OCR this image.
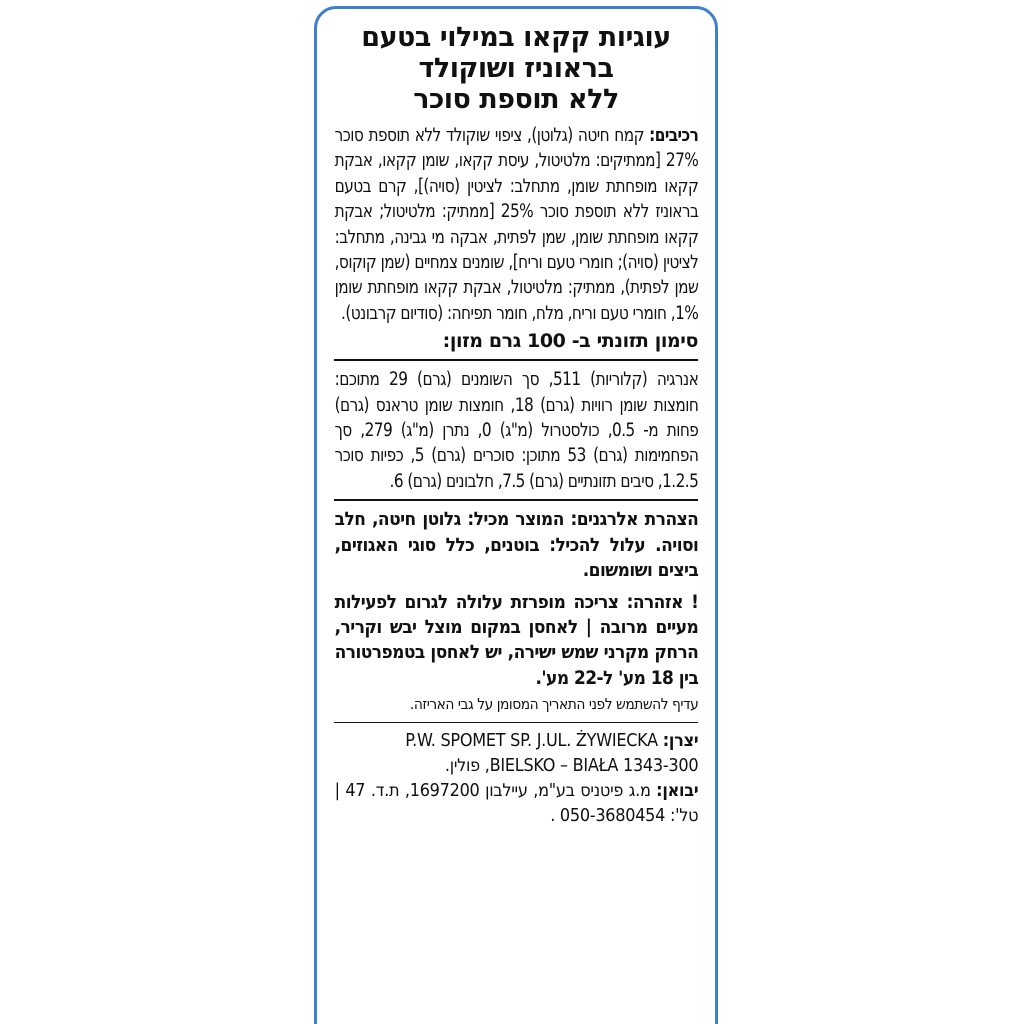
עוגיות קקאו במילוי בטעם
בראוניז ושוקולד
ללא תוספת סוכר

רכיבים: קמח חיטה (גלוטן), ציפוי שוקולד ללא תוספת סוכר 27% [ממתיקים: מלטיטול, עיסת קקאו, שומן קקאו, אבקת קקאו מופחתת שומן, מתחלב: לציטין (סויה)], קרם בטעם בראוניז ללא תוספת סוכר 25% [ממתיק: מלטיטול; אבקת קקאו מופחתת שומן, שמן לפתית, אבקה מי גבינה, מתחלב: לציטין (סויה); חומרי טעם וריח], שומנים צמחיים (שמן קוקוס, שמן לפתית), ממתיק: מלטיטול, אבקת קקאו מופחתת שומן 1%, חומרי טעם וריח, מלח, חומר תפיחה: (סודיום קרבונט).

סימון תזונתי ב- 100 גרם מזון:

אנרגיה (קלוריות) 511, סך השומנים (גרם) 29 מתוכם: חומצות שומן רוויות (גרם) 18, חומצות שומן טראנס (גרם) פחות מ- 0.5, כולסטרול (מ"ג) 0, נתרן (מ"ג) 279, סך הפחמימות (גרם) 53 מתוכן: סוכרים (גרם) 5, כפיות סוכר 1.2.5, סיבים תזונתיים (גרם) 7.5, חלבונים (גרם) 6.

הצהרת אלרגנים: המוצר מכיל: גלוטן חיטה, חלב וסויה. עלול להכיל: בוטנים, כלל סוגי האגוזים, ביצים ושומשום.

! אזהרה: צריכה מופרזת עלולה לגרום לפעילות מעיים מרובה | לאחסן במקום מוצל יבש וקריר, הרחק מקרני שמש ישירה, יש לאחסן בטמפרטורה בין 18 מע' ל-22 מע'.

עדיף להשתמש לפני התאריך המסומן על גבי האריזה.

יצרן: P.W. SPOMET SP. J.UL. ŻYWIECKA
1343-300 BIELSKO – BIAŁA, פולין.

יבואן: מ.ג פיטניס בע"מ, עיילבון 1697200, ת.ד. 47 | טל': 050-3680454 .
